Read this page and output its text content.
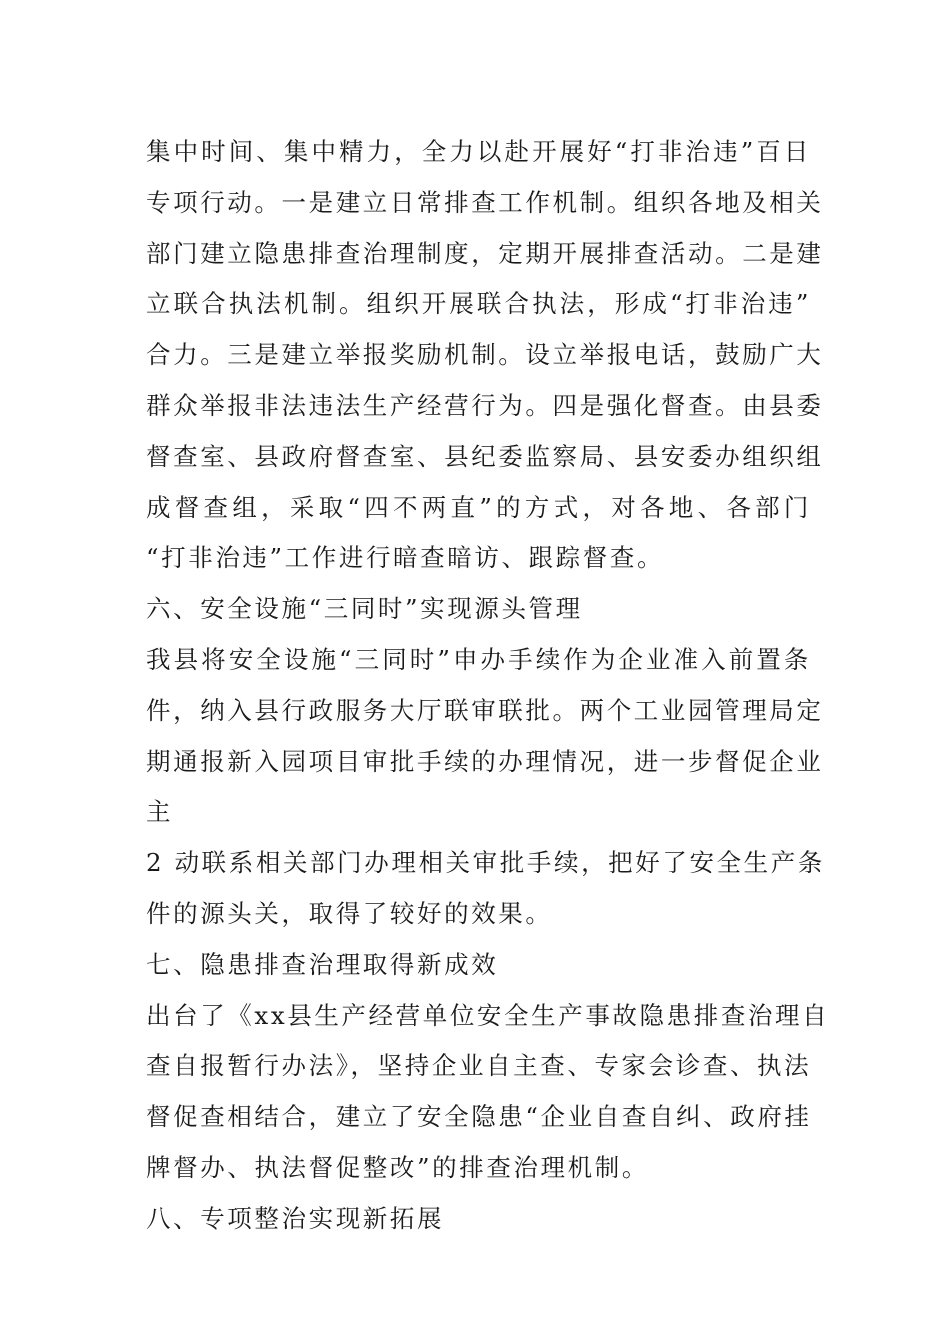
集中时间、集中精力，全力以赴开展好“打非治违”百日
专项行动。一是建立日常排查工作机制。组织各地及相关
部门建立隐患排查治理制度，定期开展排查活动。二是建
立联合执法机制。组织开展联合执法，形成“打非治违”
合力。三是建立举报奖励机制。设立举报电话，鼓励广大
群众举报非法违法生产经营行为。四是强化督查。由县委
督查室、县政府督查室、县纪委监察局、县安委办组织组
成督查组，采取“四不两直”的方式，对各地、各部门
“打非治违”工作进行暗查暗访、跟踪督查。
六、安全设施“三同时”实现源头管理
我县将安全设施“三同时”申办手续作为企业准入前置条
件，纳入县行政服务大厅联审联批。两个工业园管理局定
期通报新入园项目审批手续的办理情况，进一步督促企业
主
2 动联系相关部门办理相关审批手续，把好了安全生产条
件的源头关，取得了较好的效果。
七、隐患排查治理取得新成效
出台了《xx县生产经营单位安全生产事故隐患排查治理自
查自报暂行办法》，坚持企业自主查、专家会诊查、执法
督促查相结合，建立了安全隐患“企业自查自纠、政府挂
牌督办、执法督促整改”的排查治理机制。
八、专项整治实现新拓展
